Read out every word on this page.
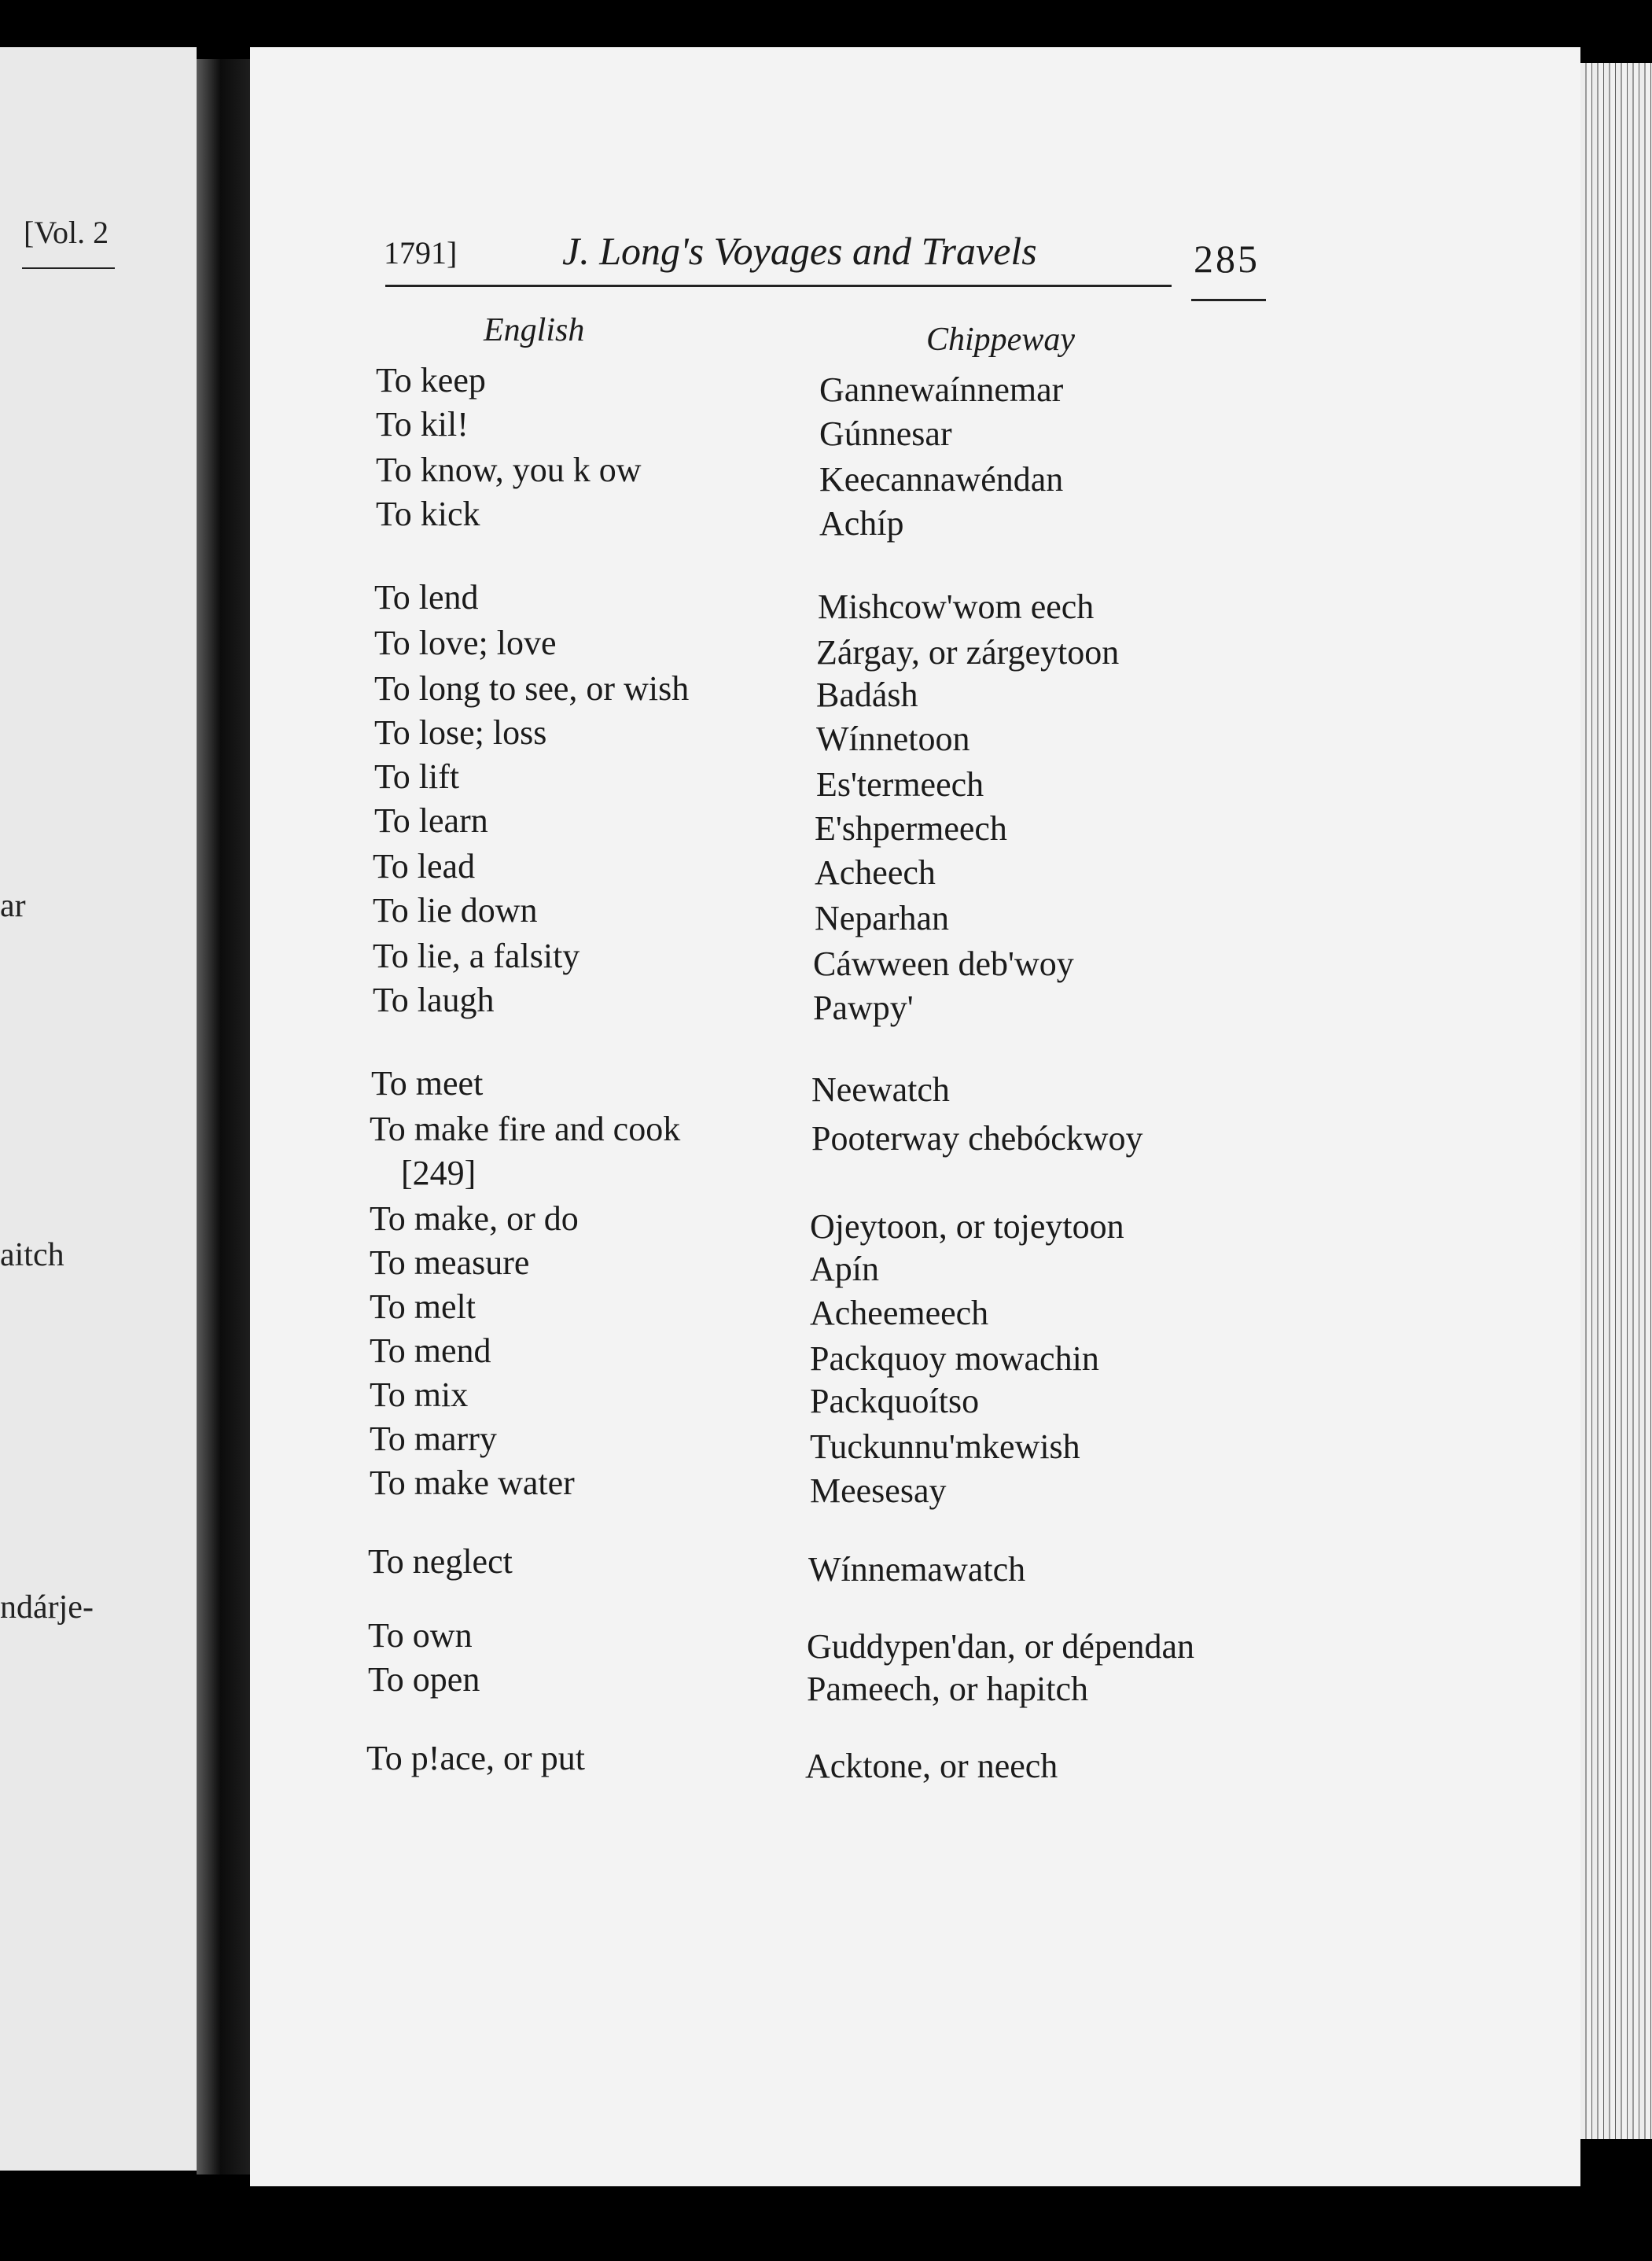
[Vol. 2
ar
aitch
ndárje-
1791]	J. Long's Voyages and Travels	285
English	Chippeway
To keep	Gannewaínnemar
To kil!	Gúnnesar
To know, you k ow	Keecannawéndan
To kick	Achíp
To lend	Mishcow'wom eech
To love; love	Zárgay, or zárgeytoon
To long to see, or wish	Badásh
To lose; loss	Wínnetoon
To lift	Es'termeech
To learn	E'shpermeech
To lead	Acheech
To lie down	Neparhan
To lie, a falsity	Cáwween deb'woy
To laugh	Pawpy'
To meet	Neewatch
To make fire and cook	Pooterway chebóckwoy
[249]
To make, or do	Ojeytoon, or tojeytoon
To measure	Apín
To melt	Acheemeech
To mend	Packquoy mowachin
To mix	Packquoítso
To marry	Tuckunnu'mkewish
To make water	Meesesay
To neglect	Wínnemawatch
To own	Guddypen'dan, or dépendan
To open	Pameech, or hapitch
To p!ace, or put	Acktone, or neech
